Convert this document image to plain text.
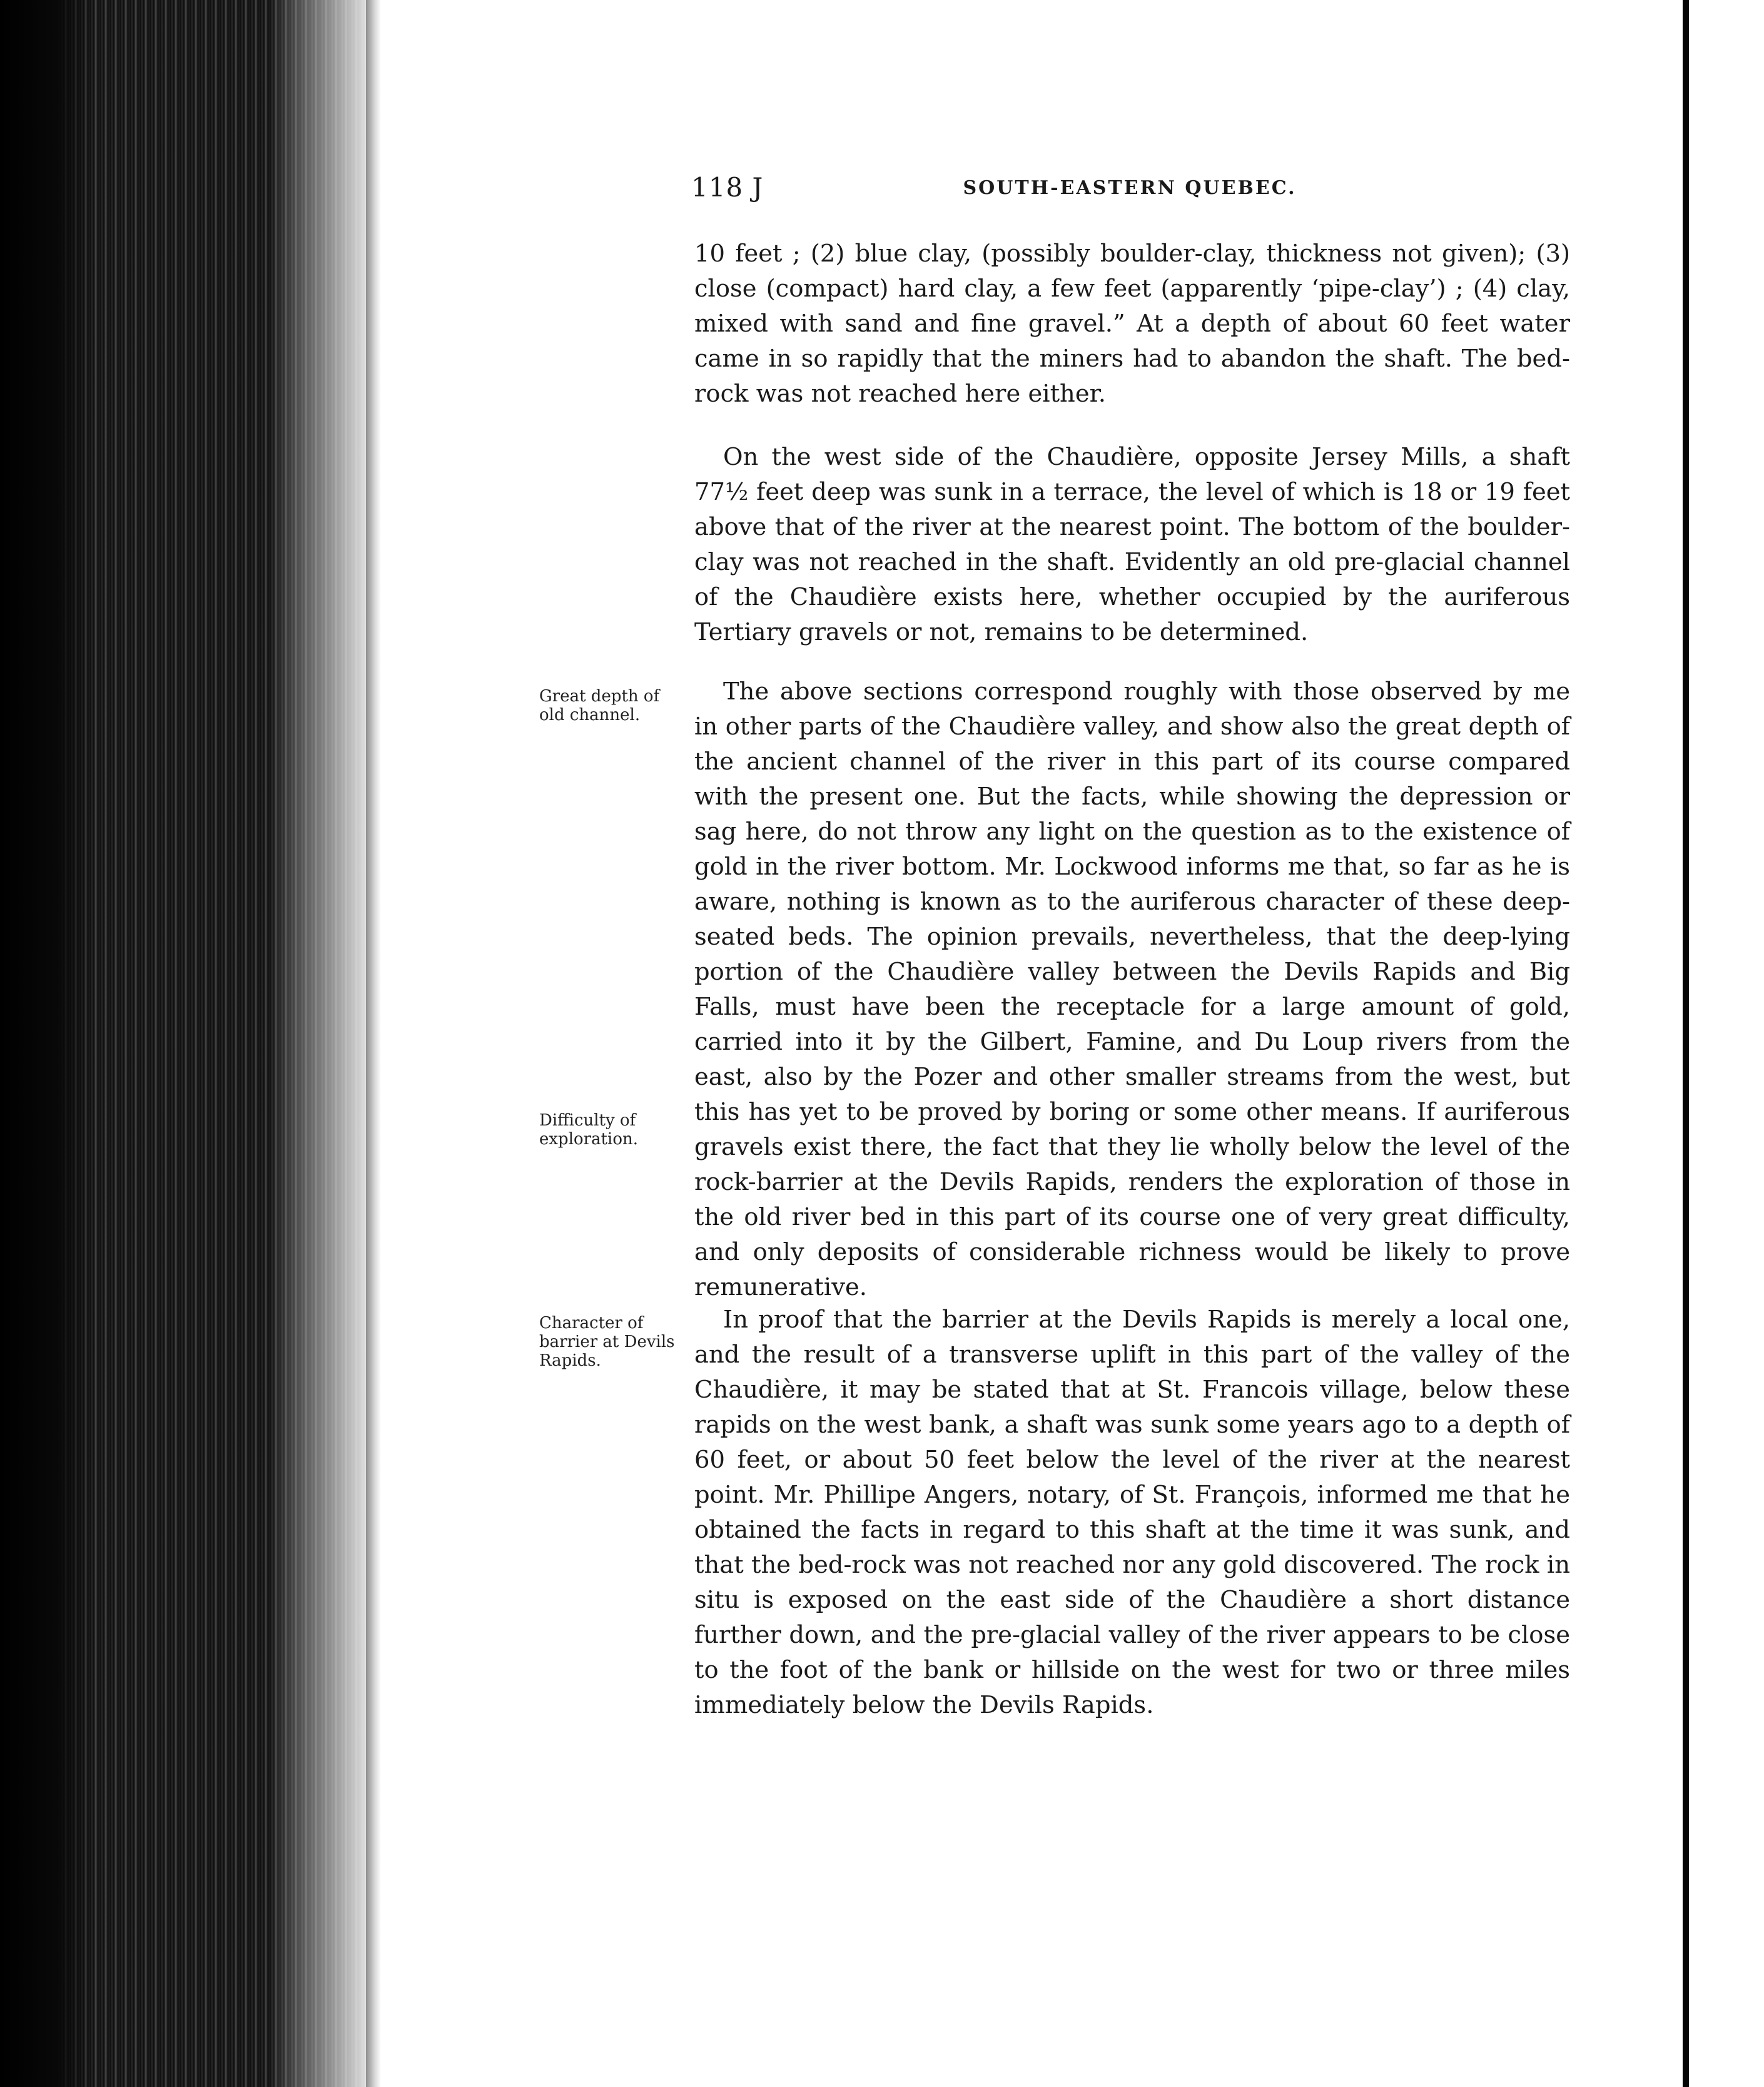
118 J	SOUTH-EASTERN QUEBEC.

10 feet ; (2) blue clay, (possibly boulder-clay, thickness not given); (3) close (compact) hard clay, a few feet (apparently ‘pipe-clay’) ; (4) clay, mixed with sand and fine gravel.” At a depth of about 60 feet water came in so rapidly that the miners had to abandon the shaft. The bed-rock was not reached here either.

On the west side of the Chaudière, opposite Jersey Mills, a shaft 77½ feet deep was sunk in a terrace, the level of which is 18 or 19 feet above that of the river at the nearest point. The bottom of the boulder-clay was not reached in the shaft. Evidently an old pre-glacial channel of the Chaudière exists here, whether occupied by the auriferous Tertiary gravels or not, remains to be determined.

The above sections correspond roughly with those observed by me in other parts of the Chaudière valley, and show also the great depth of the ancient channel of the river in this part of its course compared with the present one. But the facts, while showing the depression or sag here, do not throw any light on the question as to the existence of gold in the river bottom. Mr. Lockwood informs me that, so far as he is aware, nothing is known as to the auriferous character of these deep-seated beds. The opinion prevails, nevertheless, that the deep-lying portion of the Chaudière valley between the Devils Rapids and Big Falls, must have been the receptacle for a large amount of gold, carried into it by the Gilbert, Famine, and Du Loup rivers from the east, also by the Pozer and other smaller streams from the west, but this has yet to be proved by boring or some other means. If auriferous gravels exist there, the fact that they lie wholly below the level of the rock-barrier at the Devils Rapids, renders the exploration of those in the old river bed in this part of its course one of very great difficulty, and only deposits of considerable richness would be likely to prove remunerative.

In proof that the barrier at the Devils Rapids is merely a local one, and the result of a transverse uplift in this part of the valley of the Chaudière, it may be stated that at St. Francois village, below these rapids on the west bank, a shaft was sunk some years ago to a depth of 60 feet, or about 50 feet below the level of the river at the nearest point. Mr. Phillipe Angers, notary, of St. François, informed me that he obtained the facts in regard to this shaft at the time it was sunk, and that the bed-rock was not reached nor any gold discovered. The rock in situ is exposed on the east side of the Chaudière a short distance further down, and the pre-glacial valley of the river appears to be close to the foot of the bank or hillside on the west for two or three miles immediately below the Devils Rapids.

Great depth of old channel.
Difficulty of exploration.
Character of barrier at Devils Rapids.
